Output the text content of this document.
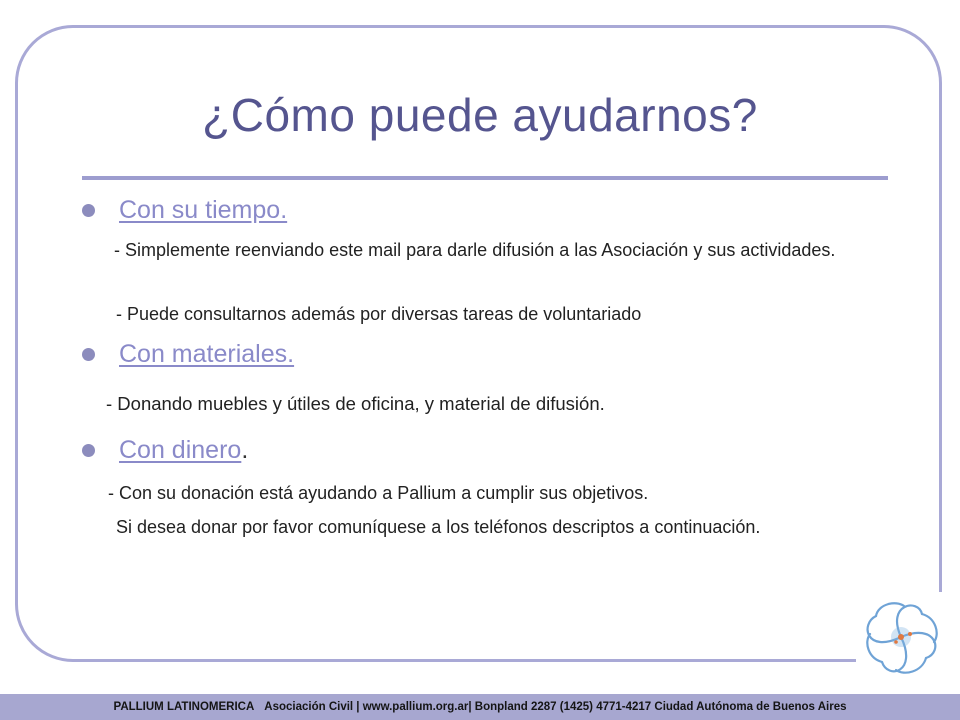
¿Cómo puede ayudarnos?
Con su tiempo.
- Simplemente reenviando este mail para darle difusión a las Asociación y sus actividades.
- Puede consultarnos además por diversas tareas de voluntariado
Con materiales.
- Donando muebles y útiles de oficina, y material de difusión.
Con dinero .
- Con su donación está ayudando a Pallium a cumplir sus objetivos.
Si desea donar por favor comuníquese a los teléfonos descriptos a continuación.
PALLIUM LATINOMERICA Asociación Civil | www.pallium.org.ar| Bonpland 2287 (1425) 4771-4217 Ciudad Autónoma de Buenos Aires
